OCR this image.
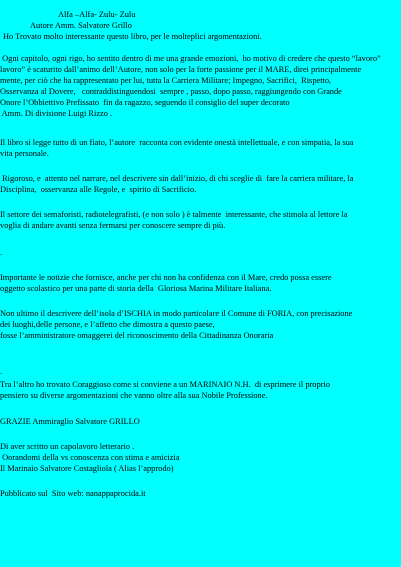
Alfa –Alfa- Zulu- Zulu
Autore Amm. Salvatore Grillo
Ho Trovato molto interessante questo libro, per le molteplici argomentazioni.
Ogni capitolo, ogni rigo, ho sentito dentro di me una grande emozioni,  ho motivo di credere che questo “lavoro”
lavoro” è scaturito dall’animo dell’Autore, non solo per la forte passione per il MARE, direi principalmente
mente, per ciò che ha rappresentato per lui, tutta la Carriera Militare; Impegno, Sacrifici,  Rispetto,
Osservanza al Dovere,   contraddistinguendosi  sempre , passo, dopo passo, raggiungendo con Grande
Onore l’Obbiettivo Prefissato  fin da ragazzo, seguendo il consiglio del super decorato
Amm. Di divisione Luigi Rizzo .
Il libro si legge tutto di un fiato, l’autore  racconta con evidente onestà intellettuale, e con simpatia, la sua
vita personale.
Rigoroso, e  attento nel narrare, nel descrivere sin dall’inizio, di chi sceglie di  fare la carriera militare, la
Disciplina,  osservanza alle Regole, e  spirito di Sacrificio.
Il settore dei semaforisti, radiotelegrafisti, (e non solo ) è talmente  interessante, che stimola al lettore la
voglia di andare avanti senza fermarsi per conoscere sempre di più.
.
Importante le notizie che fornisce, anche per chi non ha confidenza con il Mare, credo possa essere
oggetto scolastico per una parte di storia della  Gloriosa Marina Militare Italiana.
Non ultimo il descrivere dell’isola d’ISCHIA in modo particolare il Comune di FORIA, con precisazione
dei luoghi,delle persone, e l’affetto che dimostra a questo paese,
fosse l’amministratore omaggerei del riconoscimento della Cittadinanza Onoraria
.
Tra l’altro ho trovato Coraggioso come si conviene a un MARINAIO N.H.  di esprimere il proprio
pensiero su diverse argomentazioni che vanno oltre alla sua Nobile Professione.
GRAZIE Ammiraglio Salvatore GRILLO
Di aver scritto un capolavoro letterario .
Oorandomi della vs conoscenza con stima e amicizia
Il Marinaio Salvatore Costagliola ( Alias l’approdo)
Pubblicato sul  Sito web: nanappaprocida.it
